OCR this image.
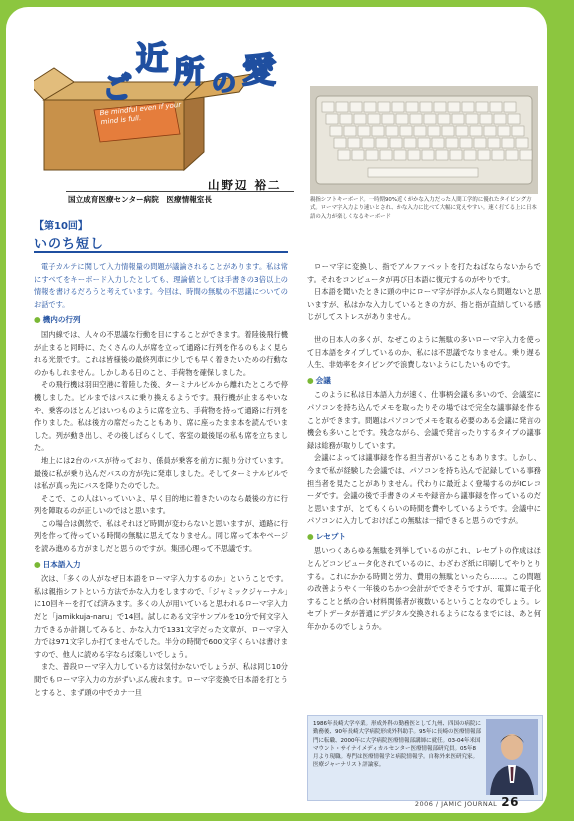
Be mindful even if your mind is full.
ご
近 所 の 愛
山野辺 裕二
国立成育医療センター病院　医療情報室長	親指シフトキーボード。一時期90%近くがかな入力だった人間工学的に優れたタイピング方式。ローマ字入力より速いとされ、かな入力に比べて大幅に覚えやすい。速く打てる上に日本語の入力が楽しくなるキーボード
【第10回】
いのち短し

電子カルテに関して入力情報量の問題が議論されることがあります。私は常にすべてをキーボード入力したとしても、理論値としては手書きの3倍以上の情報を書けるだろうと考えています。今回は、時間の無駄の不思議についてのお話です。

● 機内の行列

国内線では、人々の不思議な行動を目にすることができます。着陸後飛行機が止まると同時に、たくさんの人が席を立って通路に行列を作るのもよく見られる光景です。これは皆様後の最終列車に少しでも早く着きたいための行動なのかもしれません。しかしある日のこと、手荷物を確保しました。

その飛行機は羽田空港に着陸した後、ターミナルビルから離れたところで停機しました。ビルまではバスに乗り換えるようです。飛行機が止まるやいなや、乗客のほとんどはいつものように席を立ち、手荷物を持って通路に行列を作りました。私は後方の席だったこともあり、席に座ったまま本を読んでいました。列が動き出し、その後しばらくして、客室の最後尾の私も席を立ちました。

地上には2台のバスが待っており、係員が乗客を前方に振り分けています。最後に私が乗り込んだバスの方が先に発車しました。そしてターミナルビルでは私が真っ先にバスを降りたのでした。

そこで、この人はいっていいよ、早く目的地に着きたいのなら最後の方に行列を陣取るのが正しいのではと思います。

この場合は偶然で、私はそれほど時間が変わらないと思いますが、通路に行列を作って待っている時間の無駄に思えてなりません。同じ席って本やページを読み進める方がましだと思うのですが。集団心理って不思議です。

● 日本語入力

次は、「多くの人がなぜ日本語をローマ字入力するのか」ということです。私は親指シフトという方法でかな入力をしますので、「ジャミックジャーナル」に10回キーを打てば済みます。多くの人が用いていると思われるローマ字入力だと「jamikkuja-naru」で14回。試しにある文字サンプルを10分で何文字入力できるか計測してみると、かな入力で1331文字だった文章が、ローマ字入力では971文字しか打てませんでした。半分の時間で600文字くらいは書けますので、他人に読める字ならば楽しいでしょう。

また、普段ローマ字入力している方は気付かないでしょうが、私は同じ10分間でもローマ字入力の方がずいぶん疲れます。ローマ字変換で日本語を打とうとすると、まず頭の中でカナ一旦

ローマ字に変換し、指でアルファベットを打たねばならないからです。それをコンピュータが再び日本語に復元するのがやりです。

日本語を聞いたときに頭の中にローマ字が浮かぶ人なら問題ないと思いますが、私はかな入力しているときの方が、指と指が直結している感じがしてストレスがありません。

世の日本人の多くが、なぜこのように無駄の多いローマ字入力を使って日本語をタイプしているのか、私には不思議でなりません。乗り遅る人生、非効率をタイピングで浪費しないようにしたいものです。

● 会議

このように私は日本語入力が速く、仕事柄会議も多いので、会議室にパソコンを持ち込んでメモを取ったりその場ではで完全な議事録を作ることができます。問題はパソコンでメモを取る必要のある会議に発言の機会も多いことです。残念ながら、会議で発言ったりするタイプの議事録は総務が取りしています。

会議によっては議事録を作る担当者がいることもあります。しかし、今まで私が経験した会議では、パソコンを持ち込んで記録している事務担当者を見たことがありません。代わりに最近よく登場するのがICレコーダです。会議の後で手書きのメモや録音から議事録を作っているのだと思いますが、とてもくらいの時間を費やしているようです。会議中にパソコンに入力しておけばこの無駄は一掃できると思うのですが。

● レセプト

思いつくあらゆる無駄を列挙しているのがこれ、レセプトの作成はほとんどコンピュータ化されているのに、わざわざ紙に印刷してやりとりする。これにかかる時間と労力、費用の無駄といったら……。この問題の改善ようやく一年後のちかつ会計がでできそうですが、電算に電子化することと紙の合い材料関係者が複数いるということなのでしょう。レセプトデータが普通にデジタル交換されるようになるまでには、あと何年かかるのでしょうか。

1986年長崎大学卒業。形成外科の勤務医として九州、四国の病院に勤務後、90年長崎大学病院形成外科助手。95年に長崎の医療情報部門に転職、2000年に大学病院医療情報部講師に就任。03-04年米国マウント・サイナイメディカルセンター医療情報部研究員。05年8月より現職。専門は医療情報学と病院情報学。自称外来医研究家。医療ジャーナリスト評論家。
2006 / JAMIC JOURNAL 26
